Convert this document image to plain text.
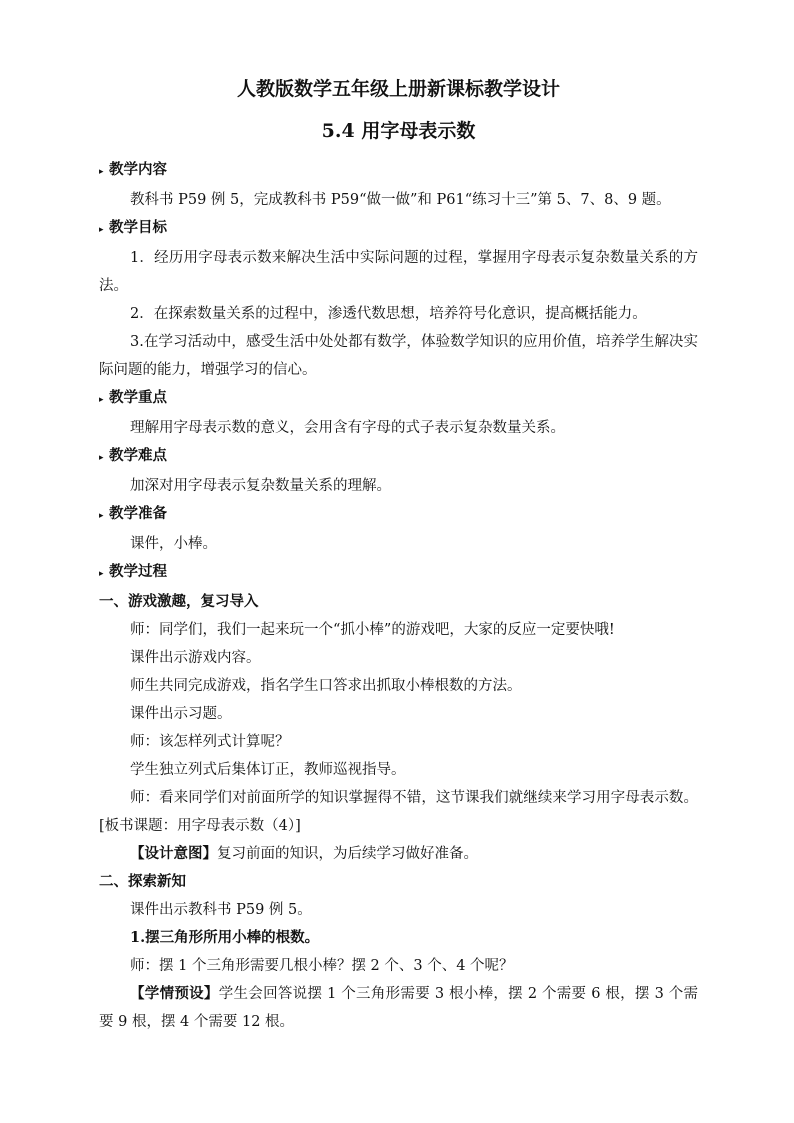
人教版数学五年级上册新课标教学设计
5.4 用字母表示数
▸ 教学内容

教科书 P59 例 5，完成教科书 P59“做一做”和 P61“练习十三”第 5、7、8、9 题。

▸ 教学目标

1．经历用字母表示数来解决生活中实际问题的过程，掌握用字母表示复杂数量关系的方法。

2．在探索数量关系的过程中，渗透代数思想，培养符号化意识，提高概括能力。

3.在学习活动中，感受生活中处处都有数学，体验数学知识的应用价值，培养学生解决实际问题的能力，增强学习的信心。

▸ 教学重点

理解用字母表示数的意义，会用含有字母的式子表示复杂数量关系。

▸ 教学难点

加深对用字母表示复杂数量关系的理解。

▸ 教学准备

课件，小棒。

▸ 教学过程
一、游戏激趣，复习导入

师：同学们，我们一起来玩一个“抓小棒”的游戏吧，大家的反应一定要快哦!

课件出示游戏内容。

师生共同完成游戏，指名学生口答求出抓取小棒根数的方法。

课件出示习题。

师：该怎样列式计算呢？

学生独立列式后集体订正，教师巡视指导。

师：看来同学们对前面所学的知识掌握得不错，这节课我们就继续来学习用字母表示数。[板书课题：用字母表示数（4）]

【设计意图】复习前面的知识，为后续学习做好准备。

二、探索新知

课件出示教科书 P59 例 5。

1.摆三角形所用小棒的根数。

师：摆 1 个三角形需要几根小棒？摆 2 个、3 个、4 个呢？

【学情预设】学生会回答说摆 1 个三角形需要 3 根小棒，摆 2 个需要 6 根，摆 3 个需要 9 根，摆 4 个需要 12 根。
